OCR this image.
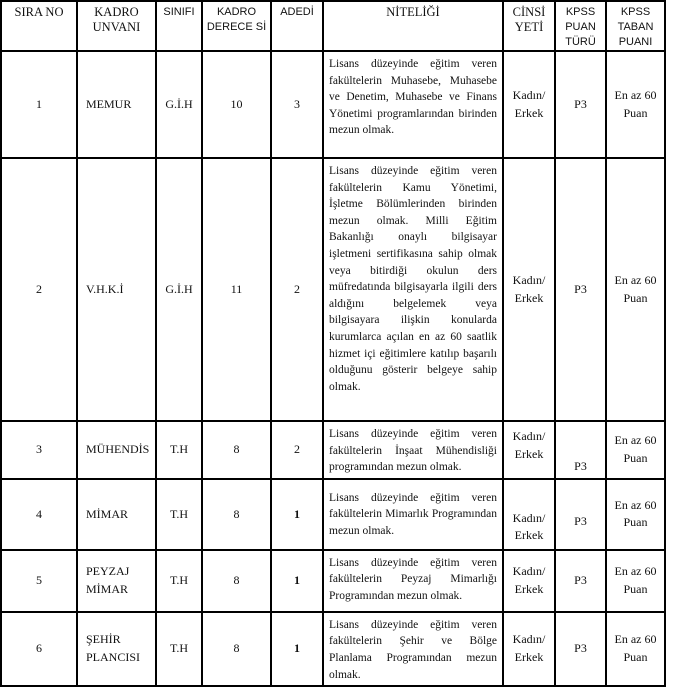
SIRA NO	KADRO UNVANI	SINIFI	KADRO DERECE Sİ	ADEDİ	NİTELİĞİ	CİNSİ YETİ	KPSS PUAN TÜRÜ	KPSS TABAN PUANI
1	MEMUR	G.İ.H	10	3	Lisans düzeyinde eğitim veren fakültelerin Muhasebe, Muhasebe ve Denetim, Muhasebe ve Finans Yönetimi programlarından birinden mezun olmak.	Kadın/ Erkek	P3	En az 60 Puan
2	V.H.K.İ	G.İ.H	11	2	Lisans düzeyinde eğitim veren fakültelerin Kamu Yönetimi, İşletme Bölümlerinden birinden mezun olmak. Milli Eğitim Bakanlığı onaylı bilgisayar işletmeni sertifikasına sahip olmak veya bitirdiği okulun ders müfredatında bilgisayarla ilgili ders aldığını belgelemek veya bilgisayara ilişkin konularda kurumlarca açılan en az 60 saatlik hizmet içi eğitimlere katılıp başarılı olduğunu gösterir belgeye sahip olmak.	Kadın/ Erkek	P3	En az 60 Puan
3	MÜHENDİS	T.H	8	2	Lisans düzeyinde eğitim veren fakültelerin İnşaat Mühendisliği programından mezun olmak.	Kadın/ Erkek	P3	En az 60 Puan
4	MİMAR	T.H	8	1	Lisans düzeyinde eğitim veren fakültelerin Mimarlık Programından mezun olmak.	Kadın/ Erkek	P3	En az 60 Puan
5	PEYZAJ MİMAR	T.H	8	1	Lisans düzeyinde eğitim veren fakültelerin Peyzaj Mimarlığı Programından mezun olmak.	Kadın/ Erkek	P3	En az 60 Puan
6	ŞEHİR PLANCISI	T.H	8	1	Lisans düzeyinde eğitim veren fakültelerin Şehir ve Bölge Planlama Programından mezun olmak.	Kadın/ Erkek	P3	En az 60 Puan
